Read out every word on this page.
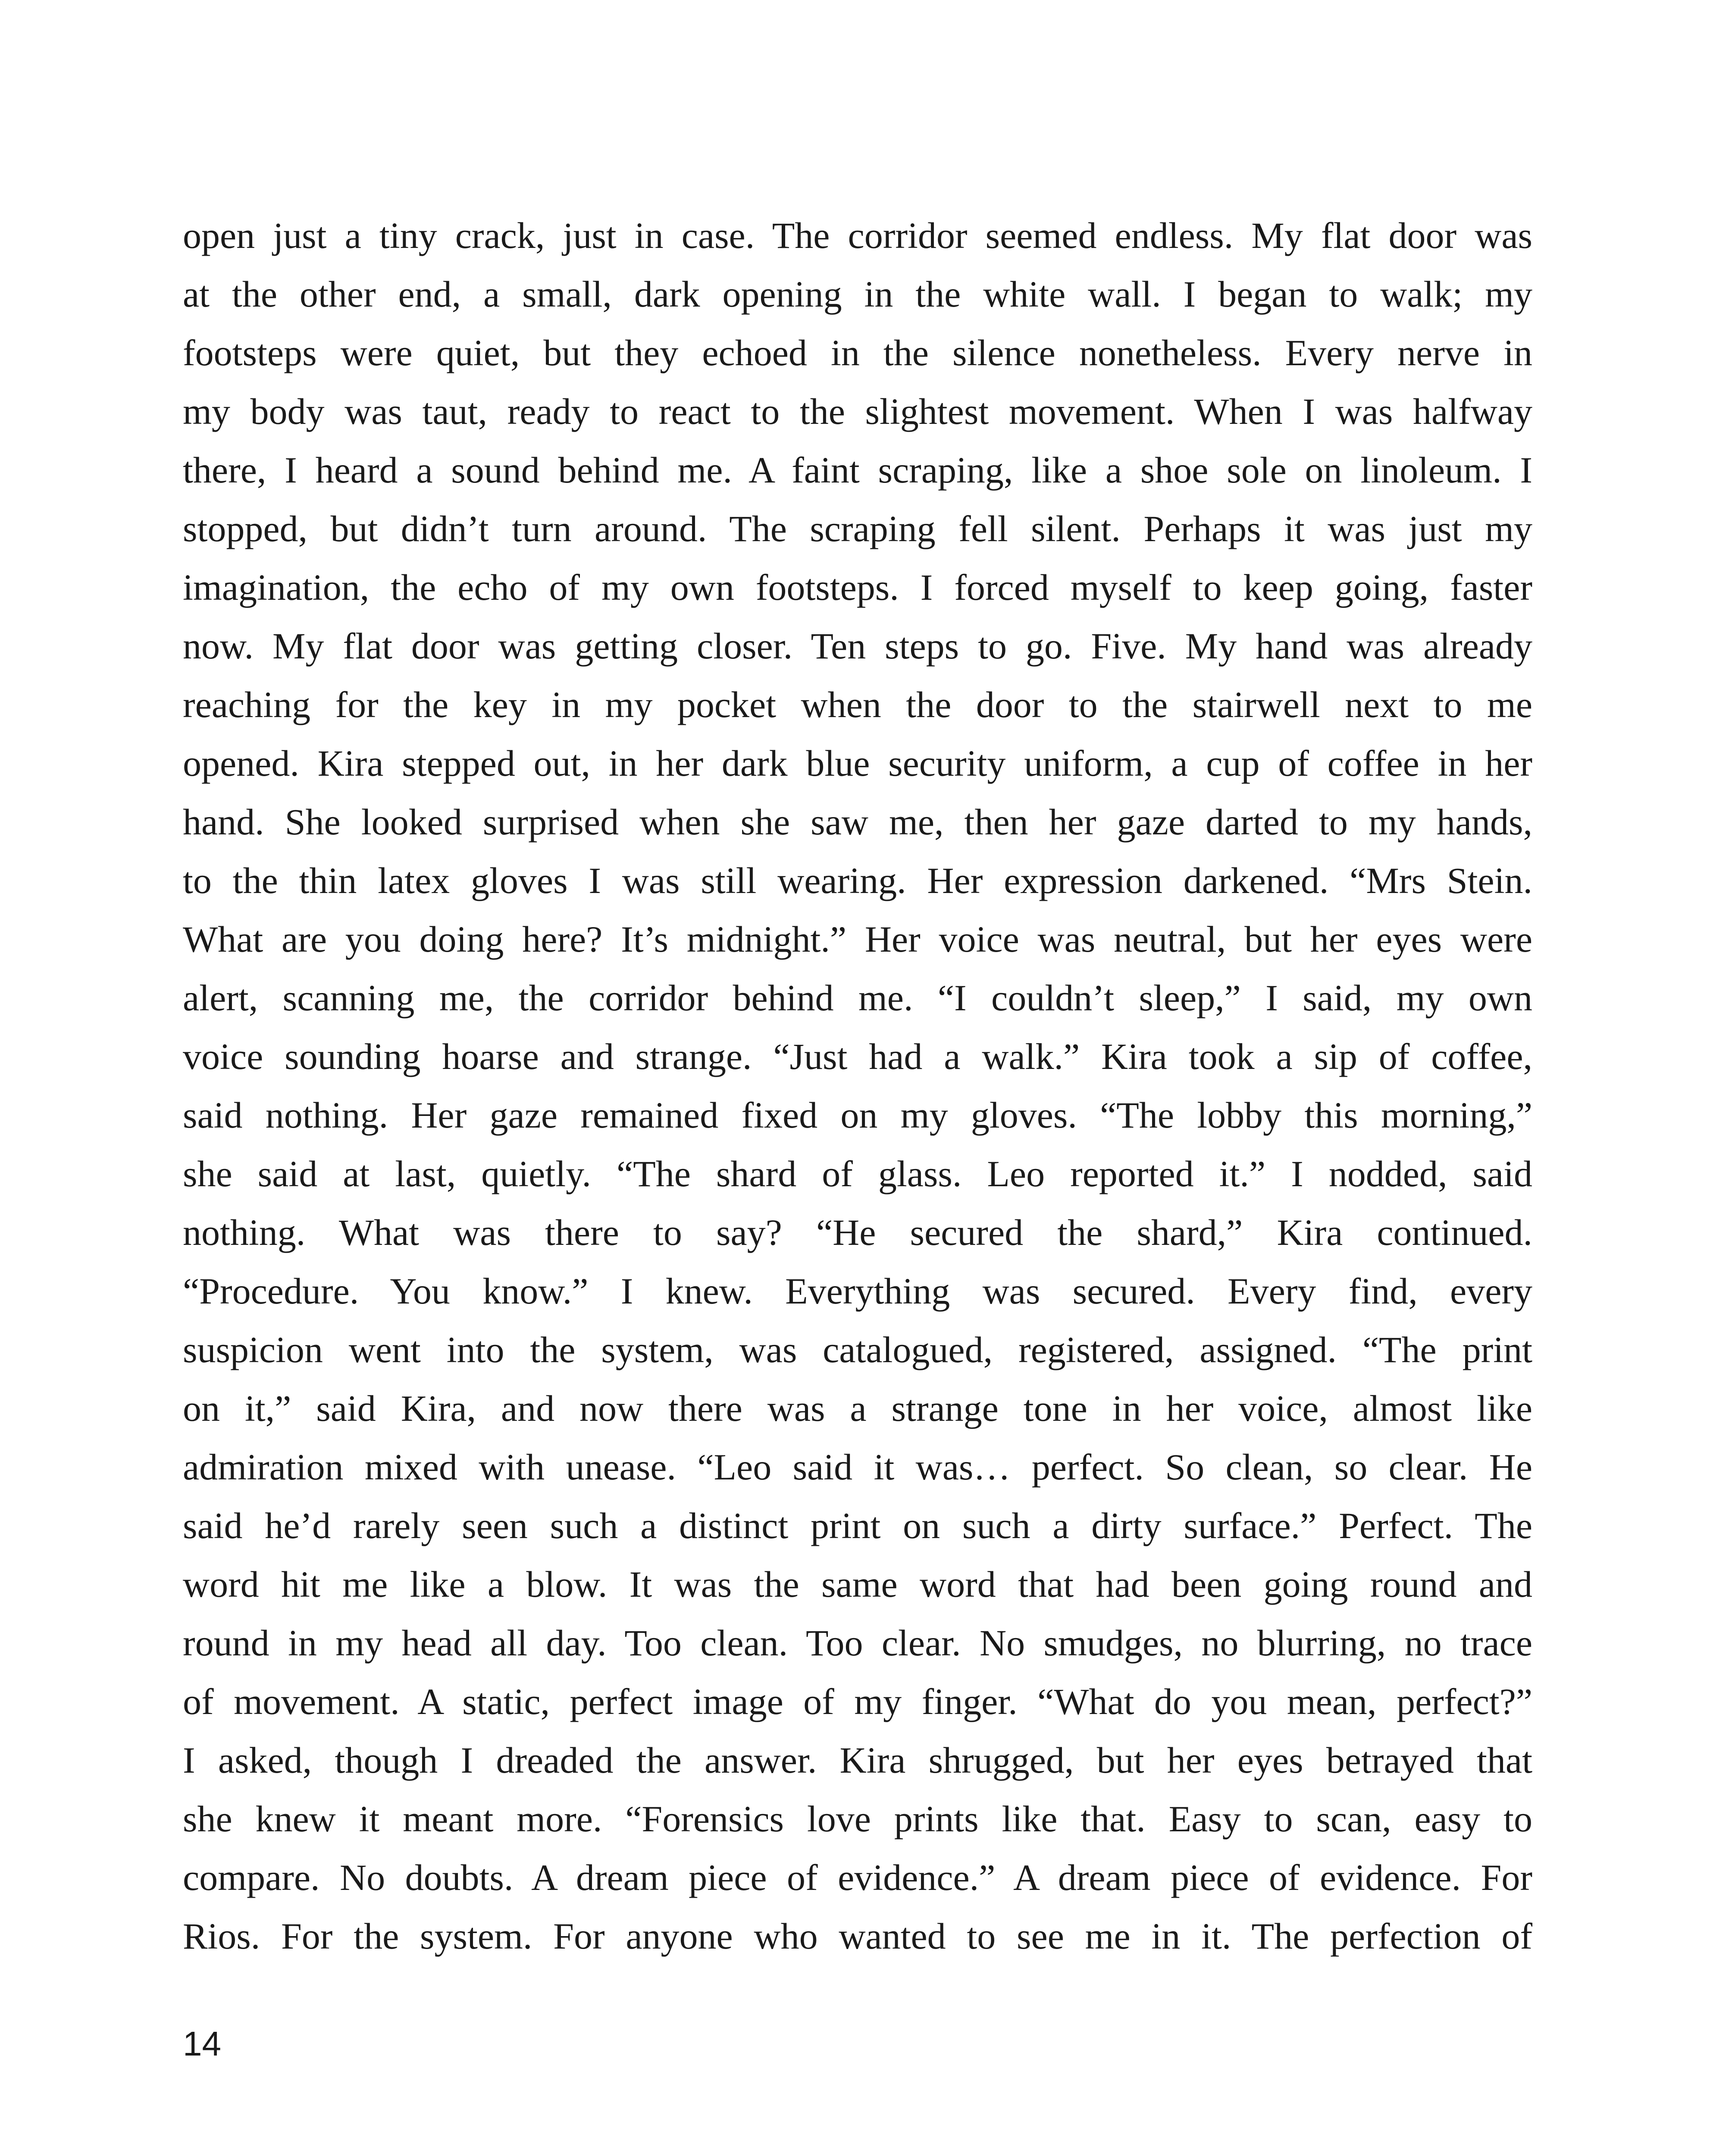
open just a tiny crack, just in case. The corridor seemed endless. My flat door was
at the other end, a small, dark opening in the white wall. I began to walk; my
footsteps were quiet, but they echoed in the silence nonetheless. Every nerve in
my body was taut, ready to react to the slightest movement. When I was halfway
there, I heard a sound behind me. A faint scraping, like a shoe sole on linoleum. I
stopped, but didn’t turn around. The scraping fell silent. Perhaps it was just my
imagination, the echo of my own footsteps. I forced myself to keep going, faster
now. My flat door was getting closer. Ten steps to go. Five. My hand was already
reaching for the key in my pocket when the door to the stairwell next to me
opened. Kira stepped out, in her dark blue security uniform, a cup of coffee in her
hand. She looked surprised when she saw me, then her gaze darted to my hands,
to the thin latex gloves I was still wearing. Her expression darkened. “Mrs Stein.
What are you doing here? It’s midnight.” Her voice was neutral, but her eyes were
alert, scanning me, the corridor behind me. “I couldn’t sleep,” I said, my own
voice sounding hoarse and strange. “Just had a walk.” Kira took a sip of coffee,
said nothing. Her gaze remained fixed on my gloves. “The lobby this morning,”
she said at last, quietly. “The shard of glass. Leo reported it.” I nodded, said
nothing. What was there to say? “He secured the shard,” Kira continued.
“Procedure. You know.” I knew. Everything was secured. Every find, every
suspicion went into the system, was catalogued, registered, assigned. “The print
on it,” said Kira, and now there was a strange tone in her voice, almost like
admiration mixed with unease. “Leo said it was… perfect. So clean, so clear. He
said he’d rarely seen such a distinct print on such a dirty surface.” Perfect. The
word hit me like a blow. It was the same word that had been going round and
round in my head all day. Too clean. Too clear. No smudges, no blurring, no trace
of movement. A static, perfect image of my finger. “What do you mean, perfect?”
I asked, though I dreaded the answer. Kira shrugged, but her eyes betrayed that
she knew it meant more. “Forensics love prints like that. Easy to scan, easy to
compare. No doubts. A dream piece of evidence.” A dream piece of evidence. For
Rios. For the system. For anyone who wanted to see me in it. The perfection of
14
